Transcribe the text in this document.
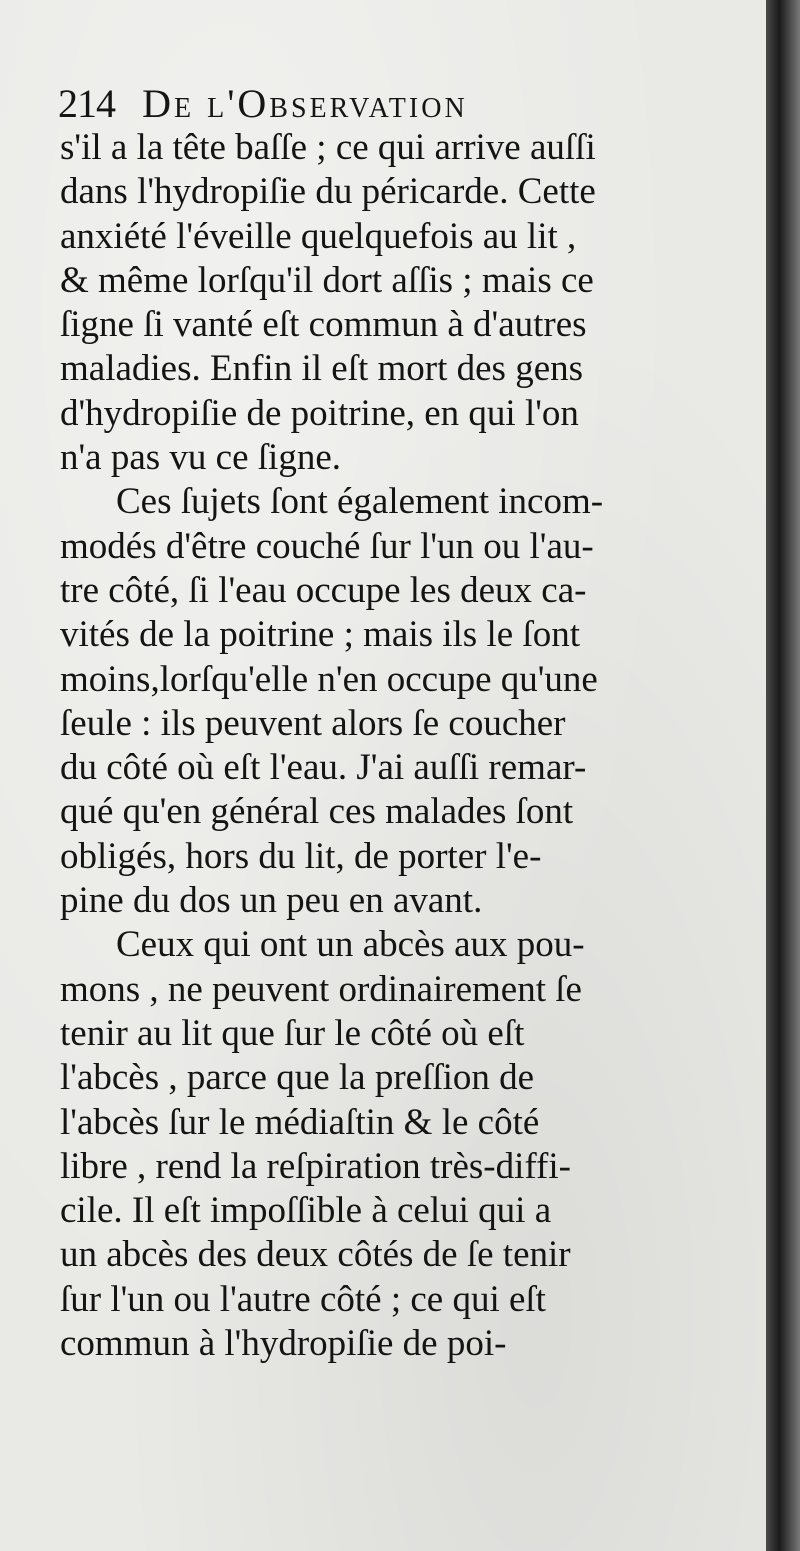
214 De l'Observation
s'il a la tête baſſe ; ce qui arrive auſſi
dans l'hydropiſie du péricarde. Cette
anxiété l'éveille quelquefois au lit ,
& même lorſqu'il dort aſſis ; mais ce
ſigne ſi vanté eſt commun à d'autres
maladies. Enfin il eſt mort des gens
d'hydropiſie de poitrine, en qui l'on
n'a pas vu ce ſigne.
Ces ſujets ſont également incom-
modés d'être couché ſur l'un ou l'au-
tre côté, ſi l'eau occupe les deux ca-
vités de la poitrine ; mais ils le ſont
moins,lorſqu'elle n'en occupe qu'une
ſeule : ils peuvent alors ſe coucher
du côté où eſt l'eau. J'ai auſſi remar-
qué qu'en général ces malades ſont
obligés, hors du lit, de porter l'e-
pine du dos un peu en avant.
Ceux qui ont un abcès aux pou-
mons , ne peuvent ordinairement ſe
tenir au lit que ſur le côté où eſt
l'abcès , parce que la preſſion de
l'abcès ſur le médiaſtin & le côté
libre , rend la reſpiration très-diffi-
cile. Il eſt impoſſible à celui qui a
un abcès des deux côtés de ſe tenir
ſur l'un ou l'autre côté ; ce qui eſt
commun à l'hydropiſie de poi-
